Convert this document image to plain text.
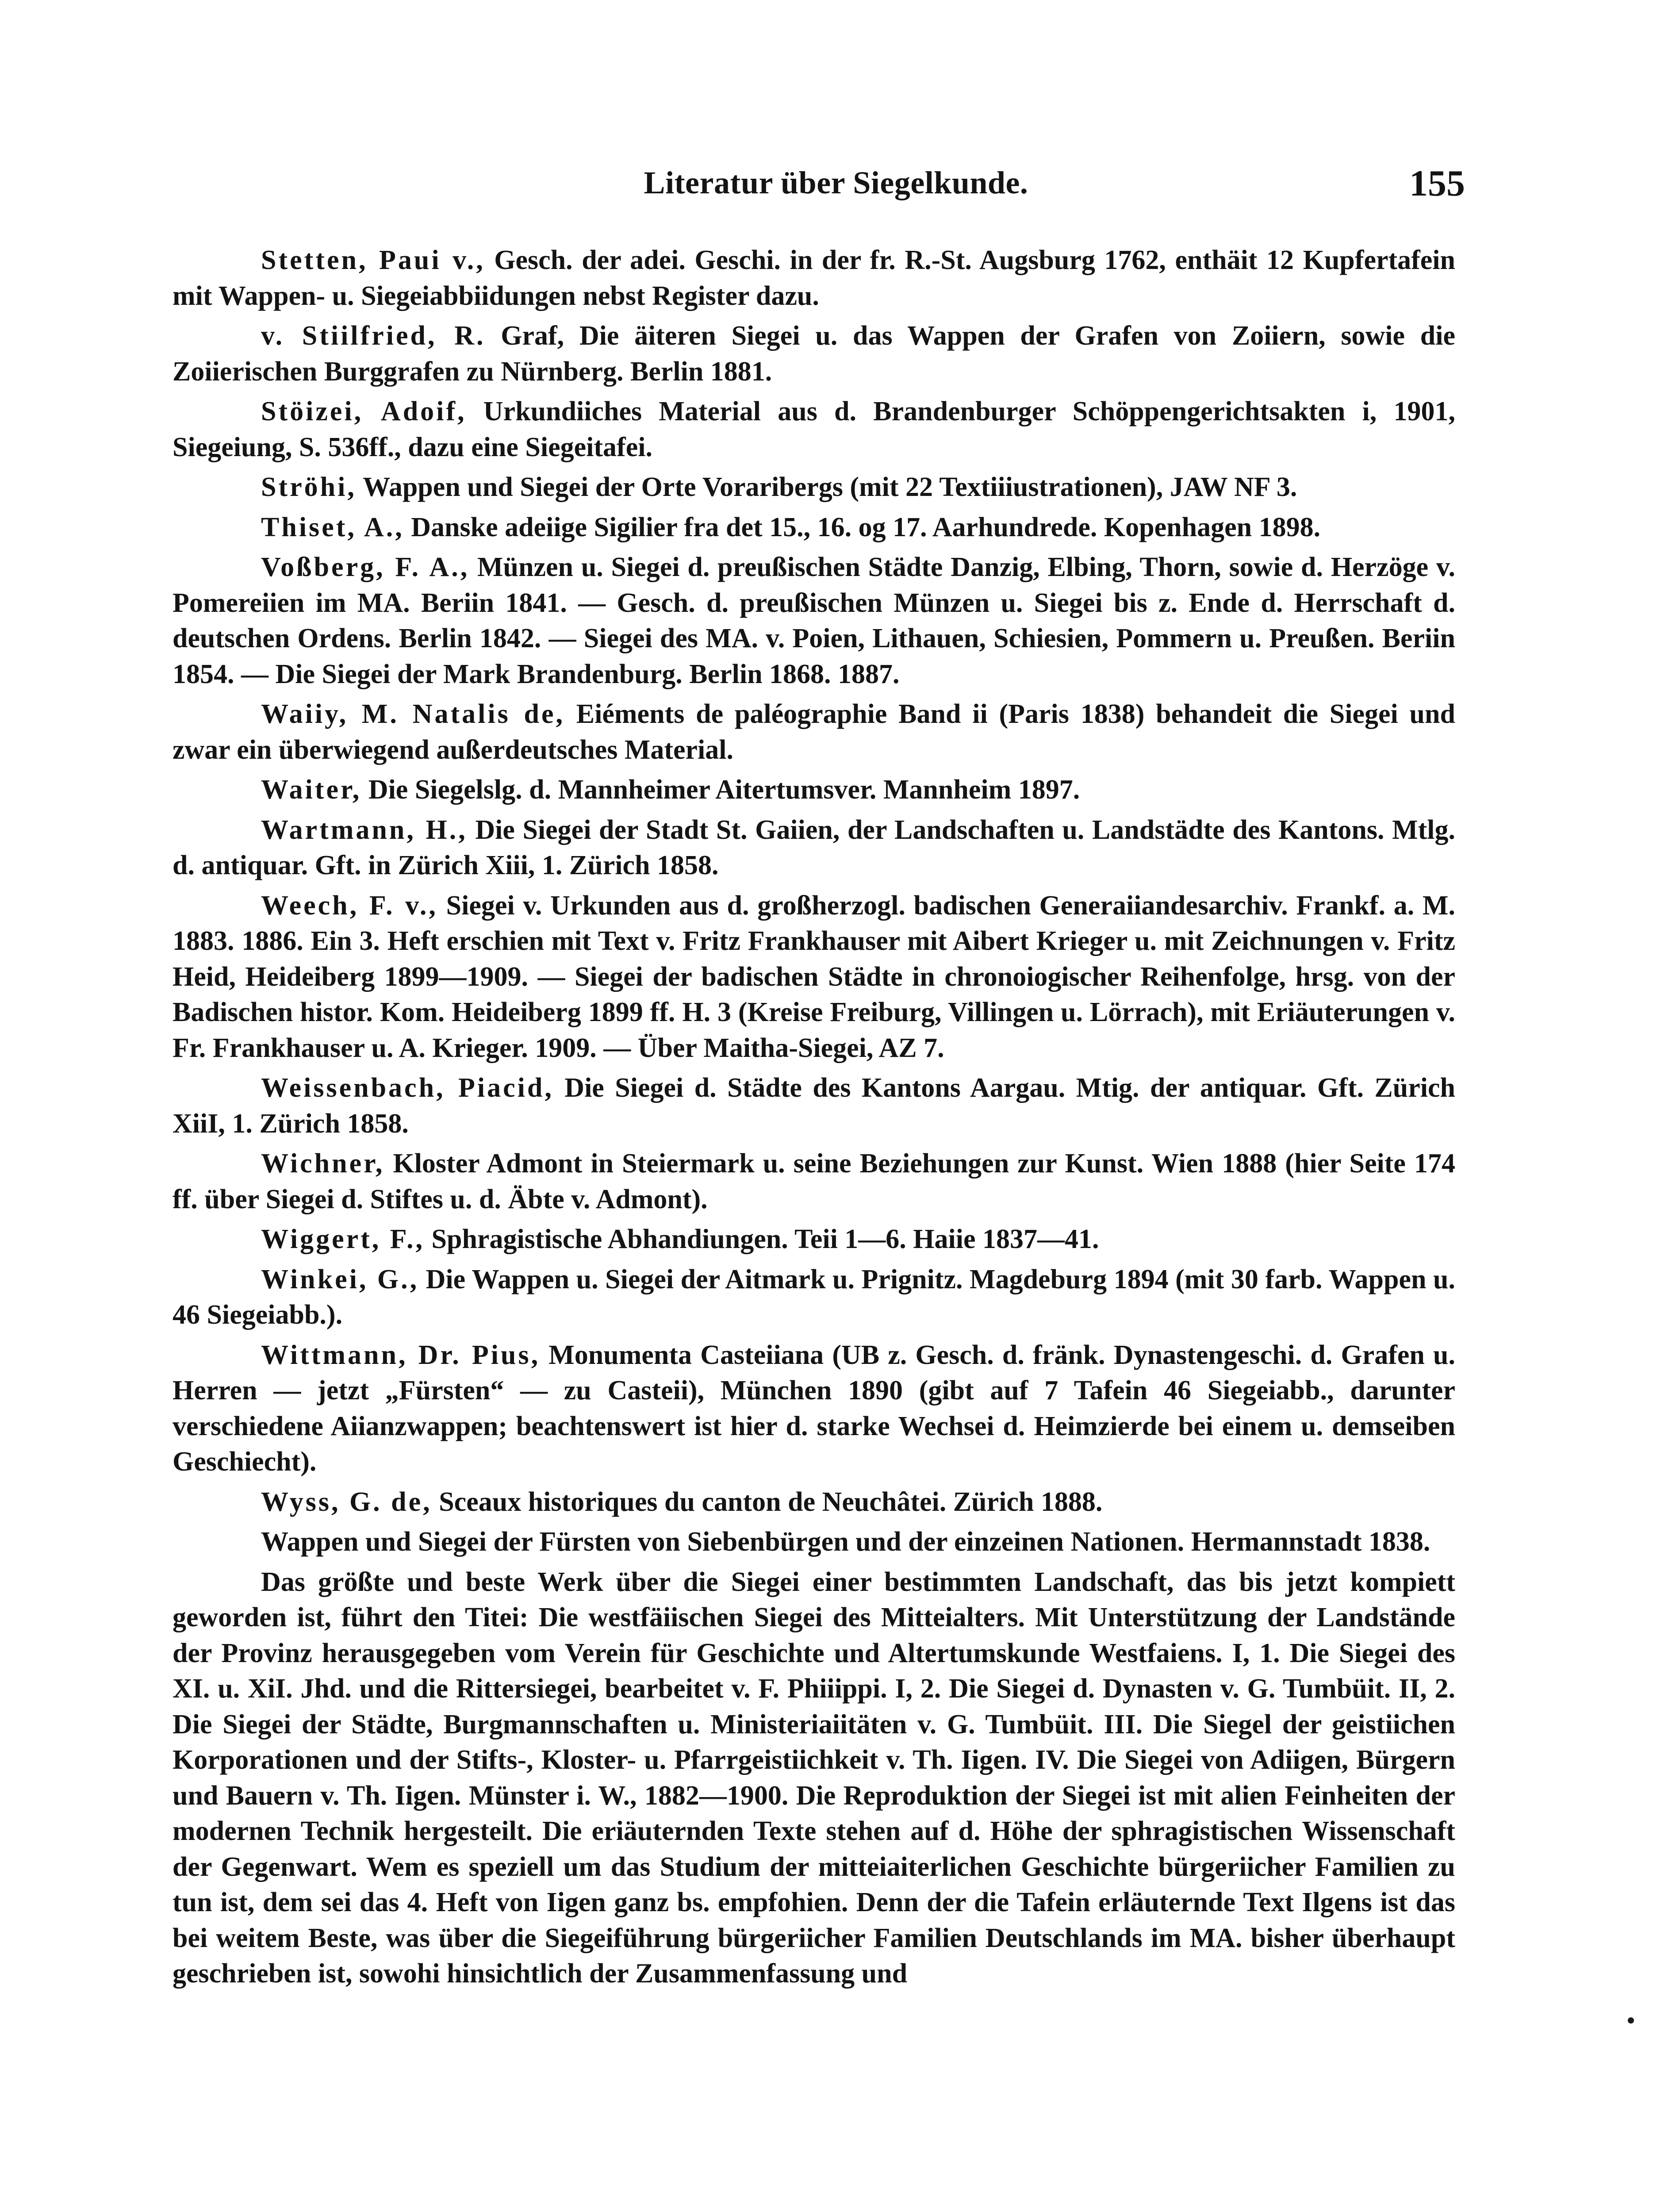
Literatur über Siegelkunde.	155

Stetten, Paui v., Gesch. der adei. Geschi. in der fr. R.-St. Augsburg 1762, enthäit 12 Kupfertafein mit Wappen- u. Siegeiabbiidungen nebst Register dazu.

v. Stiilfried, R. Graf, Die äiteren Siegei u. das Wappen der Grafen von Zoiiern, sowie die Zoiierischen Burggrafen zu Nürnberg. Berlin 1881.

Stöizei, Adoif, Urkundiiches Material aus d. Brandenburger Schöppengerichtsakten i, 1901, Siegeiung, S. 536ff., dazu eine Siegeitafei.

Ströhi, Wappen und Siegei der Orte Voraribergs (mit 22 Textiiiustrationen), JAW NF 3.

Thiset, A., Danske adeiige Sigilier fra det 15., 16. og 17. Aarhundrede. Kopenhagen 1898.

Voßberg, F. A., Münzen u. Siegei d. preußischen Städte Danzig, Elbing, Thorn, sowie d. Herzöge v. Pomereiien im MA. Beriin 1841. — Gesch. d. preußischen Münzen u. Siegei bis z. Ende d. Herrschaft d. deutschen Ordens. Berlin 1842. — Siegei des MA. v. Poien, Lithauen, Schiesien, Pommern u. Preußen. Beriin 1854. — Die Siegei der Mark Brandenburg. Berlin 1868. 1887.

Waiiy, M. Natalis de, Eiéments de paléographie Band ii (Paris 1838) behandeit die Siegei und zwar ein überwiegend außerdeutsches Material.

Waiter, Die Siegelslg. d. Mannheimer Aitertumsver. Mannheim 1897.

Wartmann, H., Die Siegei der Stadt St. Gaiien, der Landschaften u. Landstädte des Kantons. Mtlg. d. antiquar. Gft. in Zürich Xiii, 1. Zürich 1858.

Weech, F. v., Siegei v. Urkunden aus d. großherzogl. badischen Generaiiandesarchiv. Frankf. a. M. 1883. 1886. Ein 3. Heft erschien mit Text v. Fritz Frankhauser mit Aibert Krieger u. mit Zeichnungen v. Fritz Heid, Heideiberg 1899—1909. — Siegei der badischen Städte in chronoiogischer Reihenfolge, hrsg. von der Badischen histor. Kom. Heideiberg 1899 ff. H. 3 (Kreise Freiburg, Villingen u. Lörrach), mit Eriäuterungen v. Fr. Frankhauser u. A. Krieger. 1909. — Über Maitha-Siegei, AZ 7.

Weissenbach, Piacid, Die Siegei d. Städte des Kantons Aargau. Mtig. der antiquar. Gft. Zürich XiiI, 1. Zürich 1858.

Wichner, Kloster Admont in Steiermark u. seine Beziehungen zur Kunst. Wien 1888 (hier Seite 174 ff. über Siegei d. Stiftes u. d. Äbte v. Admont).

Wiggert, F., Sphragistische Abhandiungen. Teii 1—6. Haiie 1837—41.

Winkei, G., Die Wappen u. Siegei der Aitmark u. Prignitz. Magdeburg 1894 (mit 30 farb. Wappen u. 46 Siegeiabb.).

Wittmann, Dr. Pius, Monumenta Casteiiana (UB z. Gesch. d. fränk. Dynastengeschi. d. Grafen u. Herren — jetzt „Fürsten“ — zu Casteii), München 1890 (gibt auf 7 Tafein 46 Siegeiabb., darunter verschiedene Aiianzwappen; beachtenswert ist hier d. starke Wechsei d. Heimzierde bei einem u. demseiben Geschiecht).

Wyss, G. de, Sceaux historiques du canton de Neuchâtei. Zürich 1888.

Wappen und Siegei der Fürsten von Siebenbürgen und der einzeinen Nationen. Hermannstadt 1838.

Das größte und beste Werk über die Siegei einer bestimmten Landschaft, das bis jetzt kompiett geworden ist, führt den Titei: Die westfäiischen Siegei des Mitteialters. Mit Unterstützung der Landstände der Provinz herausgegeben vom Verein für Geschichte und Altertumskunde Westfaiens. I, 1. Die Siegei des XI. u. XiI. Jhd. und die Rittersiegei, bearbeitet v. F. Phiiippi. I, 2. Die Siegei d. Dynasten v. G. Tumbüit. II, 2. Die Siegei der Städte, Burgmannschaften u. Ministeriaiitäten v. G. Tumbüit. III. Die Siegel der geistiichen Korporationen und der Stifts-, Kloster- u. Pfarrgeistiichkeit v. Th. Iigen. IV. Die Siegei von Adiigen, Bürgern und Bauern v. Th. Iigen. Münster i. W., 1882—1900. Die Reproduktion der Siegei ist mit alien Feinheiten der modernen Technik hergesteilt. Die eriäuternden Texte stehen auf d. Höhe der sphragistischen Wissenschaft der Gegenwart. Wem es speziell um das Studium der mitteiaiterlichen Geschichte bürgeriicher Familien zu tun ist, dem sei das 4. Heft von Iigen ganz bs. empfohien. Denn der die Tafein erläuternde Text Ilgens ist das bei weitem Beste, was über die Siegeiführung bürgeriicher Familien Deutschlands im MA. bisher überhaupt geschrieben ist, sowohi hinsichtlich der Zusammenfassung und
